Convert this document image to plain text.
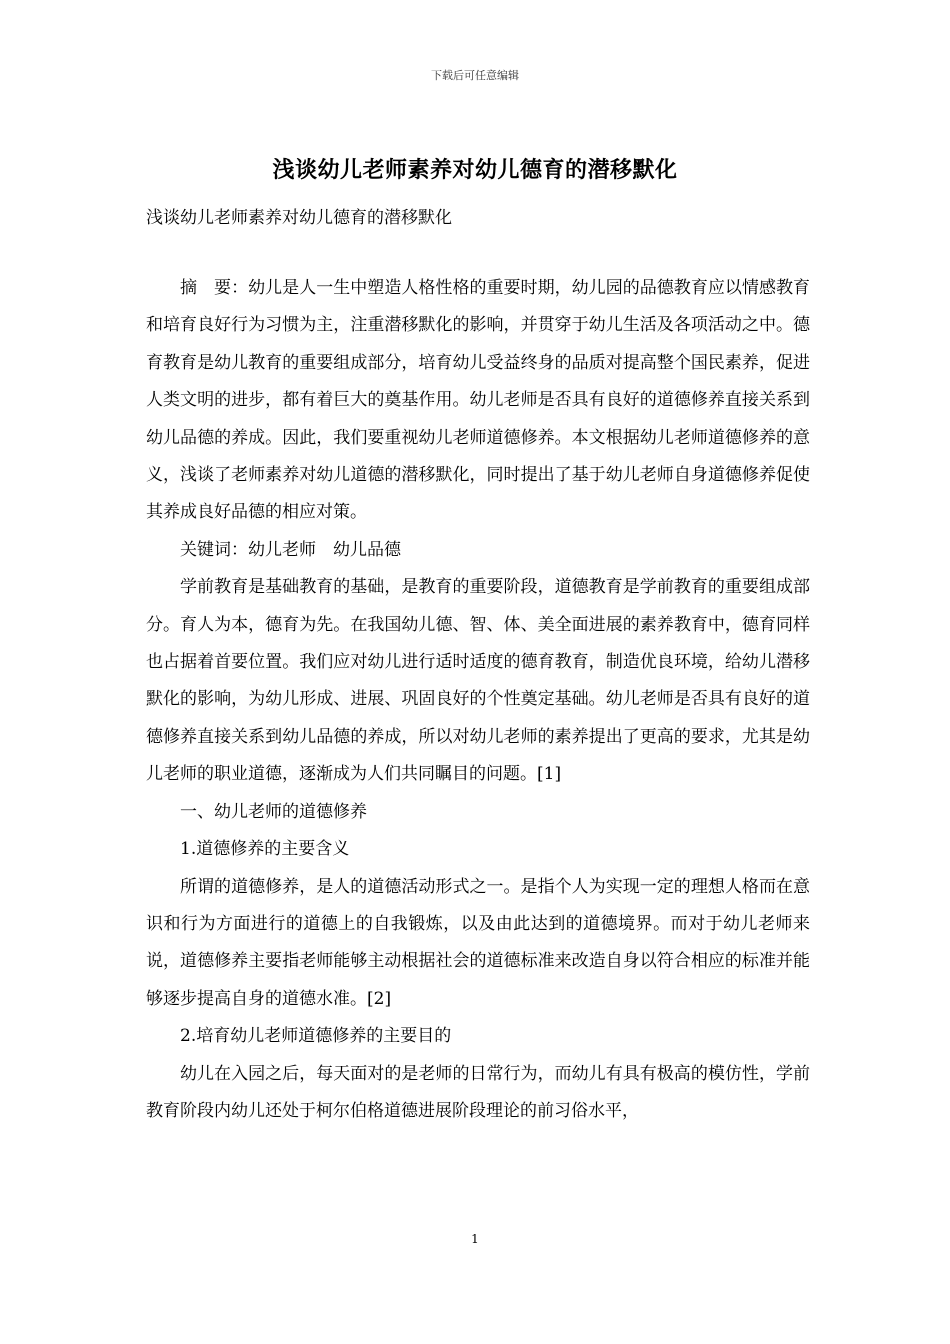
下载后可任意编辑
浅谈幼儿老师素养对幼儿德育的潜移默化
浅谈幼儿老师素养对幼儿德育的潜移默化

摘　要：幼儿是人一生中塑造人格性格的重要时期，幼儿园的品德教育应以情感教育和培育良好行为习惯为主，注重潜移默化的影响，并贯穿于幼儿生活及各项活动之中。德育教育是幼儿教育的重要组成部分，培育幼儿受益终身的品质对提高整个国民素养，促进人类文明的进步，都有着巨大的奠基作用。幼儿老师是否具有良好的道德修养直接关系到幼儿品德的养成。因此，我们要重视幼儿老师道德修养。本文根据幼儿老师道德修养的意义，浅谈了老师素养对幼儿道德的潜移默化，同时提出了基于幼儿老师自身道德修养促使其养成良好品德的相应对策。

关键词：幼儿老师　幼儿品德

学前教育是基础教育的基础，是教育的重要阶段，道德教育是学前教育的重要组成部分。育人为本，德育为先。在我国幼儿德、智、体、美全面进展的素养教育中，德育同样也占据着首要位置。我们应对幼儿进行适时适度的德育教育，制造优良环境，给幼儿潜移默化的影响，为幼儿形成、进展、巩固良好的个性奠定基础。幼儿老师是否具有良好的道德修养直接关系到幼儿品德的养成，所以对幼儿老师的素养提出了更高的要求，尤其是幼儿老师的职业道德，逐渐成为人们共同瞩目的问题。[1]

一、幼儿老师的道德修养

1.道德修养的主要含义

所谓的道德修养，是人的道德活动形式之一。是指个人为实现一定的理想人格而在意识和行为方面进行的道德上的自我锻炼，以及由此达到的道德境界。而对于幼儿老师来说，道德修养主要指老师能够主动根据社会的道德标准来改造自身以符合相应的标准并能够逐步提高自身的道德水准。[2]

2.培育幼儿老师道德修养的主要目的

幼儿在入园之后，每天面对的是老师的日常行为，而幼儿有具有极高的模仿性，学前教育阶段内幼儿还处于柯尔伯格道德进展阶段理论的前习俗水平，

1
